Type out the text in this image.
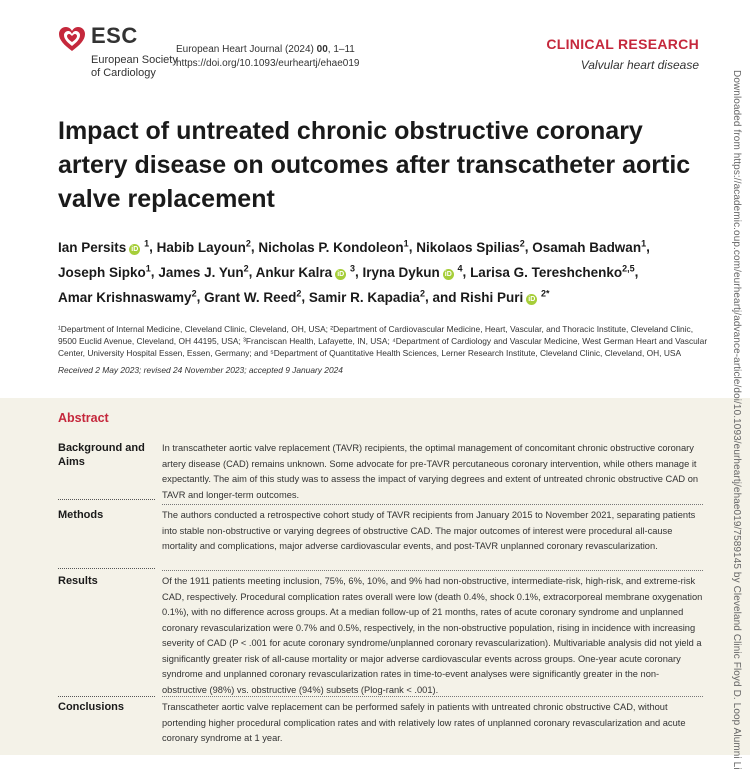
ESC
European Society
of Cardiology
European Heart Journal (2024) 00, 1–11
https://doi.org/10.1093/eurheartj/ehae019
CLINICAL RESEARCH
Valvular heart disease
Impact of untreated chronic obstructive coronary artery disease on outcomes after transcatheter aortic valve replacement
Ian Persits iD $^1$, Habib Layoun$^2$, Nicholas P. Kondoleon$^1$, Nikolaos Spilias$^2$, Osamah Badwan$^1$, Joseph Sipko$^1$, James J. Yun$^2$, Ankur Kalra iD $^3$, Iryna Dykun iD $^4$, Larisa G. Tereshchenko$^{2,5}$, Amar Krishnaswamy$^2$, Grant W. Reed$^2$, Samir R. Kapadia$^2$, and Rishi Puri iD $^{2*}$
¹Department of Internal Medicine, Cleveland Clinic, Cleveland, OH, USA; ²Department of Cardiovascular Medicine, Heart, Vascular, and Thoracic Institute, Cleveland Clinic, 9500 Euclid Avenue, Cleveland, OH 44195, USA; ³Franciscan Health, Lafayette, IN, USA; ⁴Department of Cardiology and Vascular Medicine, West German Heart and Vascular Center, University Hospital Essen, Essen, Germany; and ⁵Department of Quantitative Health Sciences, Lerner Research Institute, Cleveland Clinic, Cleveland, OH, USA
Received 2 May 2023; revised 24 November 2023; accepted 9 January 2024
Abstract
Background and Aims
In transcatheter aortic valve replacement (TAVR) recipients, the optimal management of concomitant chronic obstructive coronary artery disease (CAD) remains unknown. Some advocate for pre-TAVR percutaneous coronary intervention, while others manage it expectantly. The aim of this study was to assess the impact of varying degrees and extent of untreated chronic obstructive CAD on TAVR and longer-term outcomes.
Methods	The authors conducted a retrospective cohort study of TAVR recipients from January 2015 to November 2021, separating patients into stable non-obstructive or varying degrees of obstructive CAD. The major outcomes of interest were procedural all-cause mortality and complications, major adverse cardiovascular events, and post-TAVR unplanned coronary revascularization.
Results	Of the 1911 patients meeting inclusion, 75%, 6%, 10%, and 9% had non-obstructive, intermediate-risk, high-risk, and extreme-risk CAD, respectively. Procedural complication rates overall were low (death 0.4%, shock 0.1%, extracorporeal membrane oxygenation 0.1%), with no difference across groups. At a median follow-up of 21 months, rates of acute coronary syndrome and unplanned coronary revascularization were 0.7% and 0.5%, respectively, in the non-obstructive population, rising in incidence with increasing severity of CAD (P < .001 for acute coronary syndrome/unplanned coronary revascularization). Multivariable analysis did not yield a significantly greater risk of all-cause mortality or major adverse cardiovascular events across groups. One-year acute coronary syndrome and unplanned coronary revascularization rates in time-to-event analyses were significantly greater in the non-obstructive (98%) vs. obstructive (94%) subsets (Plog-rank < .001).
Conclusions	Transcatheter aortic valve replacement can be performed safely in patients with untreated chronic obstructive CAD, without portending higher procedural complication rates and with relatively low rates of unplanned coronary revascularization and acute coronary syndrome at 1 year.	Downloaded from https://academic.oup.com/eurheartj/advance-article/doi/10.1093/eurheartj/ehae019/7589145 by Cleveland Clinic Floyd D. Loop Alumni Li
